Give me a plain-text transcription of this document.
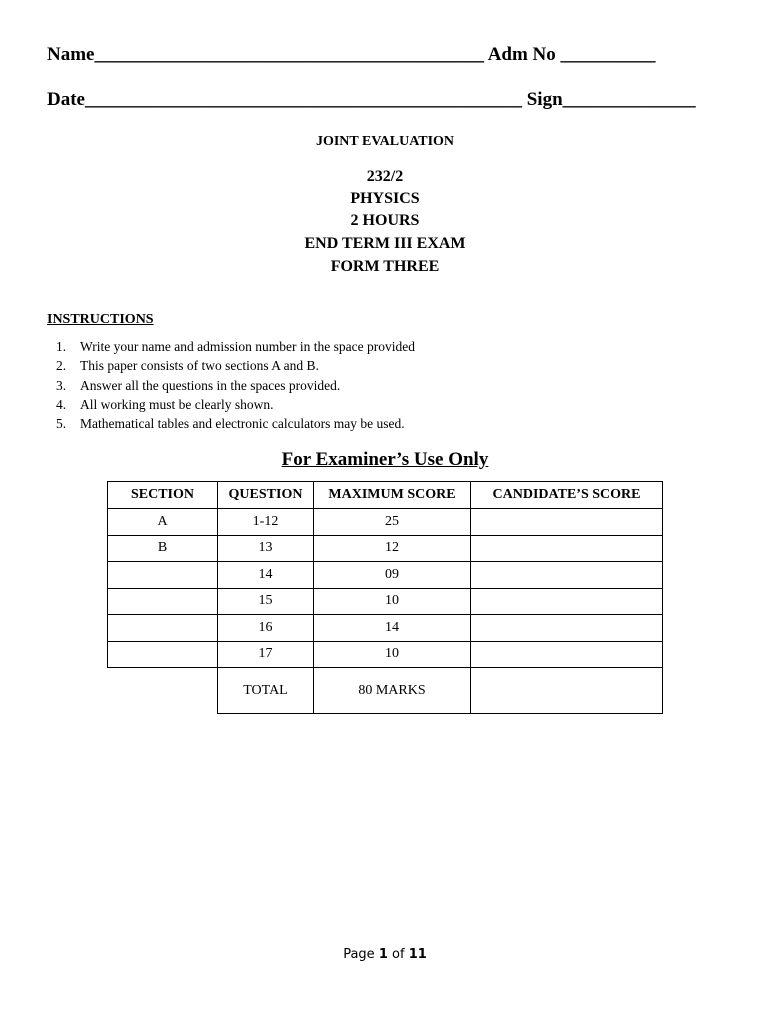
Name_________________________________________ Adm No __________
Date______________________________________________ Sign______________
JOINT EVALUATION
232/2
PHYSICS
2 HOURS
END TERM III EXAM
FORM THREE
INSTRUCTIONS
1. Write your name and admission number in the space provided
2. This paper consists of two sections A and B.
3. Answer all the questions in the spaces provided.
4. All working must be clearly shown.
5. Mathematical tables and electronic calculators may be used.
For Examiner’s Use Only
SECTION	QUESTION	MAXIMUM SCORE	CANDIDATE’S SCORE
A	1-12	25	
B	13	12	
	14	09	
	15	10	
	16	14	
	17	10	
	TOTAL	80 MARKS	
Page 1 of 11
